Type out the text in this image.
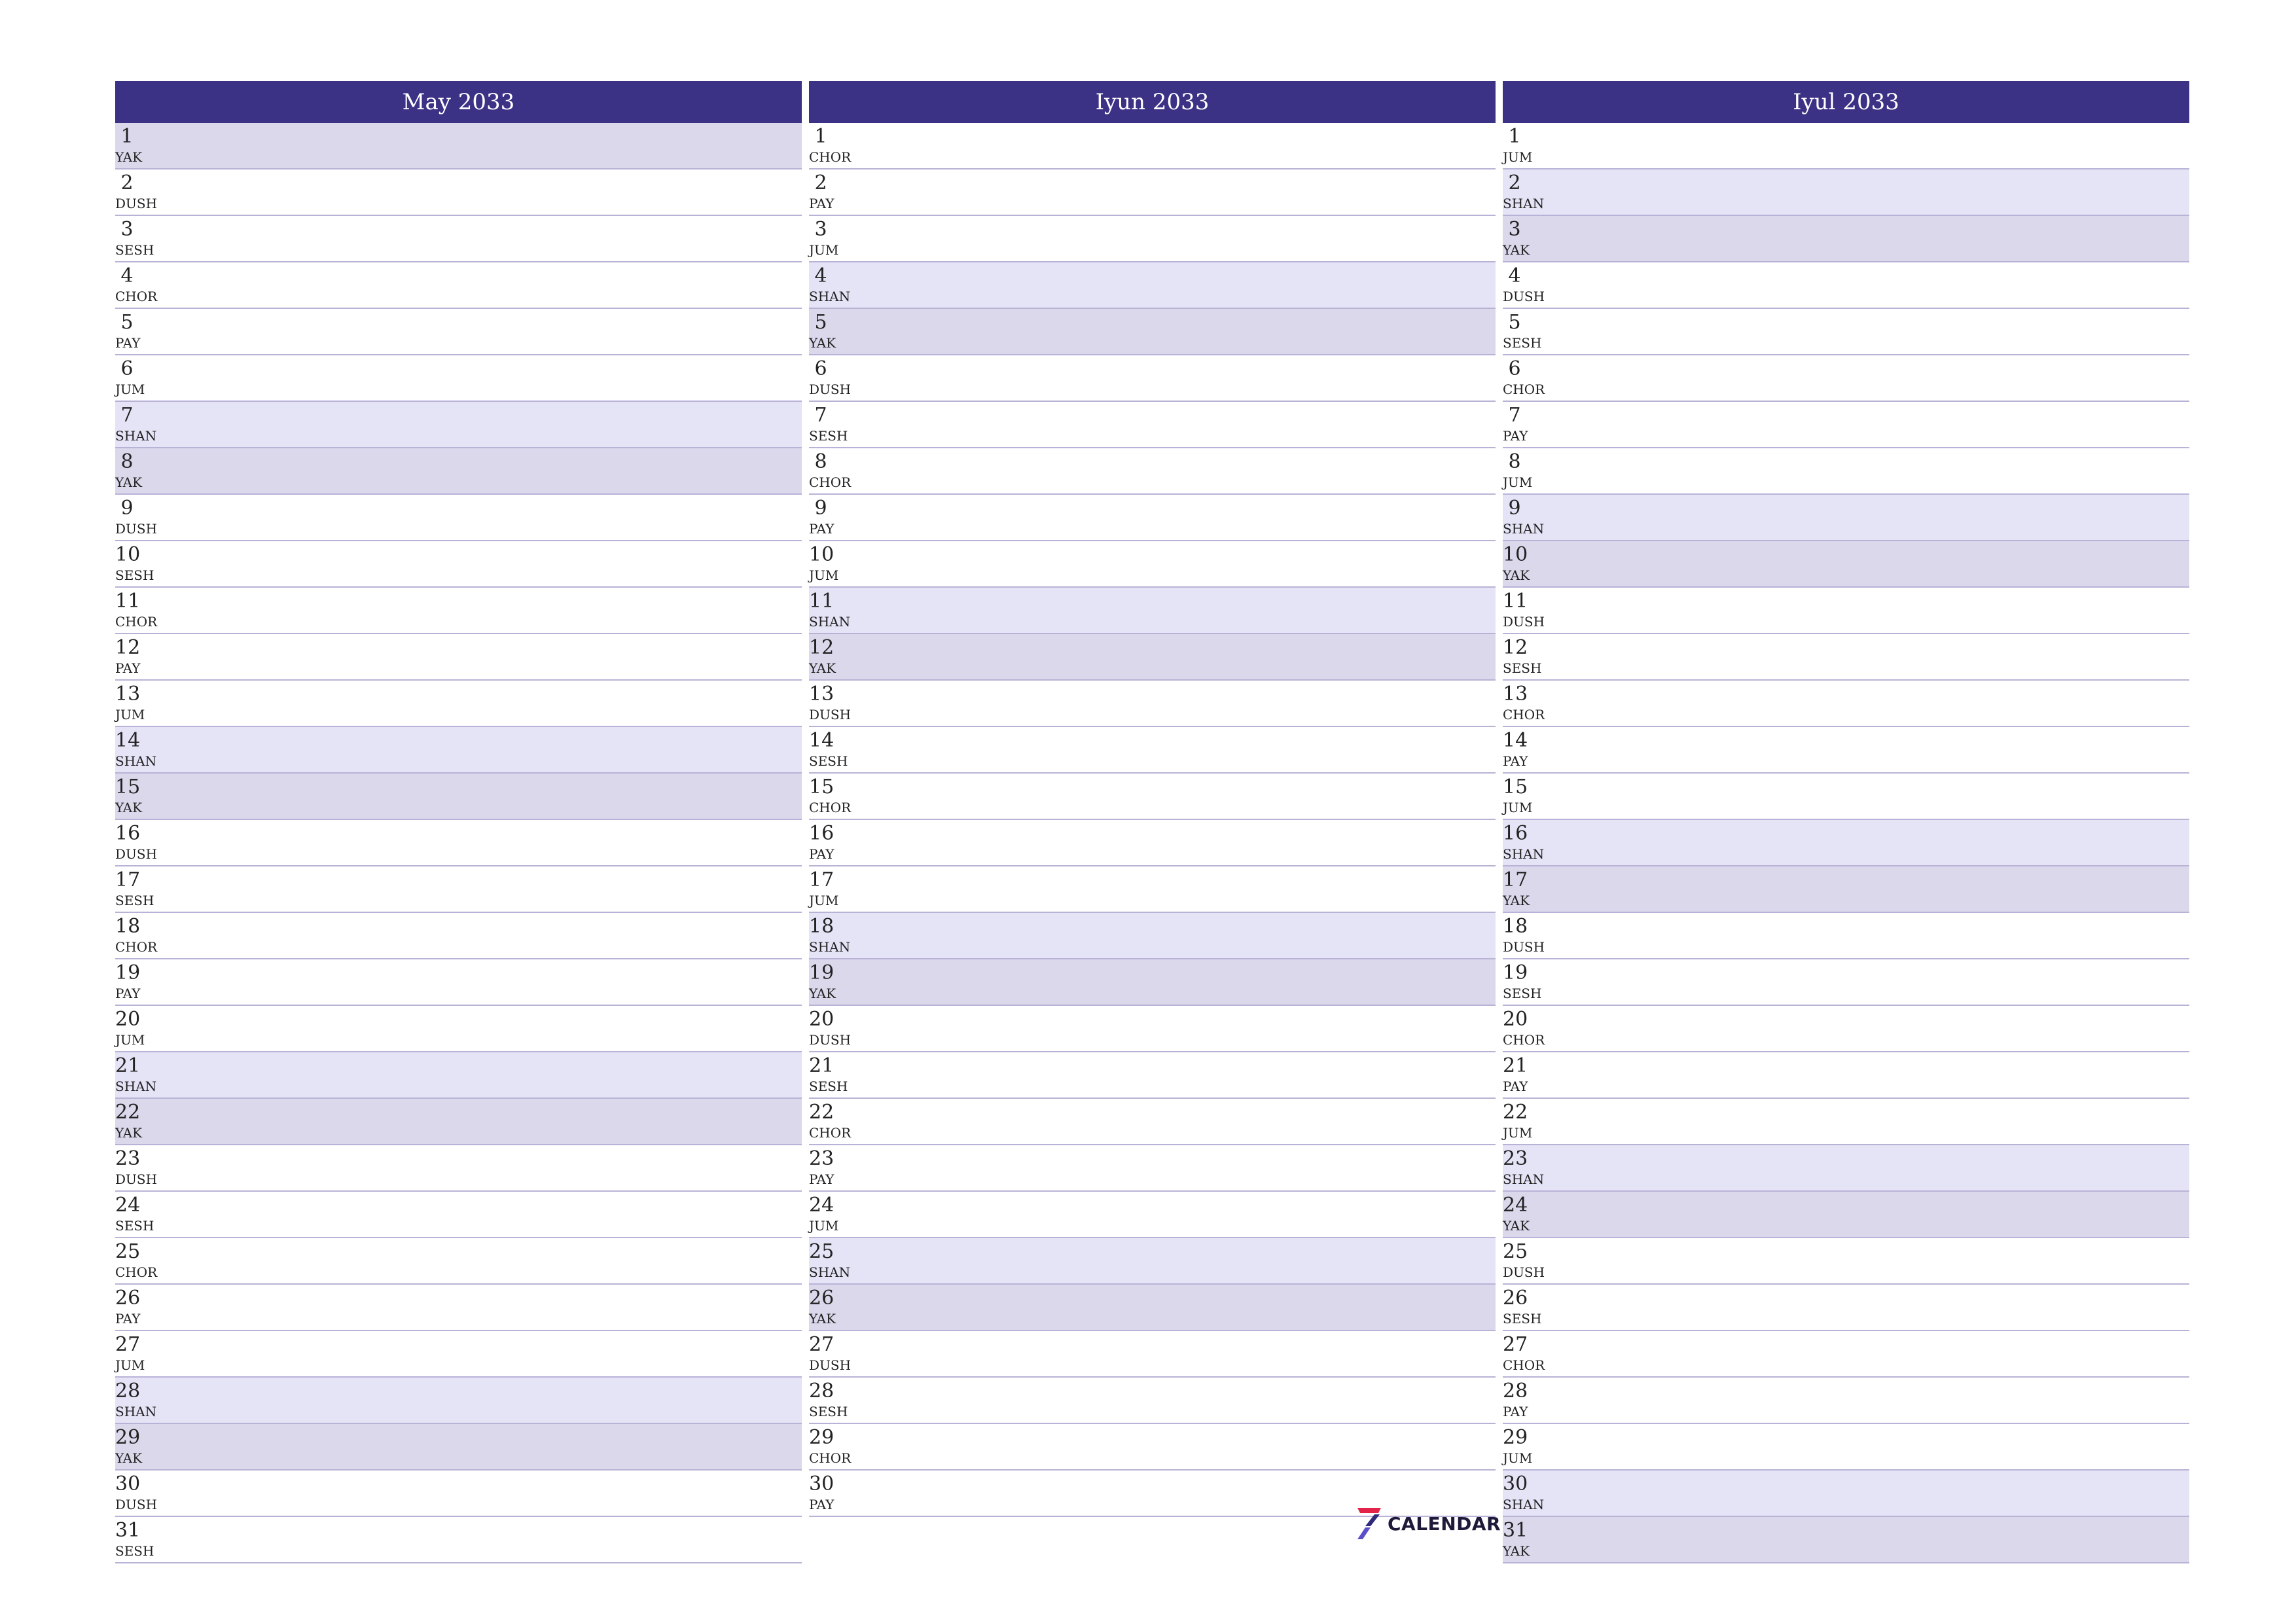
May 2033
1
YAK
2
DUSH
3
SESH
4
CHOR
5
PAY
6
JUM
7
SHAN
8
YAK
9
DUSH
10
SESH
11
CHOR
12
PAY
13
JUM
14
SHAN
15
YAK
16
DUSH
17
SESH
18
CHOR
19
PAY
20
JUM
21
SHAN
22
YAK
23
DUSH
24
SESH
25
CHOR
26
PAY
27
JUM
28
SHAN
29
YAK
30
DUSH
31
SESH
Iyun 2033
1
CHOR
2
PAY
3
JUM
4
SHAN
5
YAK
6
DUSH
7
SESH
8
CHOR
9
PAY
10
JUM
11
SHAN
12
YAK
13
DUSH
14
SESH
15
CHOR
16
PAY
17
JUM
18
SHAN
19
YAK
20
DUSH
21
SESH
22
CHOR
23
PAY
24
JUM
25
SHAN
26
YAK
27
DUSH
28
SESH
29
CHOR
30
PAY
Iyul 2033
1
JUM
2
SHAN
3
YAK
4
DUSH
5
SESH
6
CHOR
7
PAY
8
JUM
9
SHAN
10
YAK
11
DUSH
12
SESH
13
CHOR
14
PAY
15
JUM
16
SHAN
17
YAK
18
DUSH
19
SESH
20
CHOR
21
PAY
22
JUM
23
SHAN
24
YAK
25
DUSH
26
SESH
27
CHOR
28
PAY
29
JUM
30
SHAN
31
YAK
CALENDAR
